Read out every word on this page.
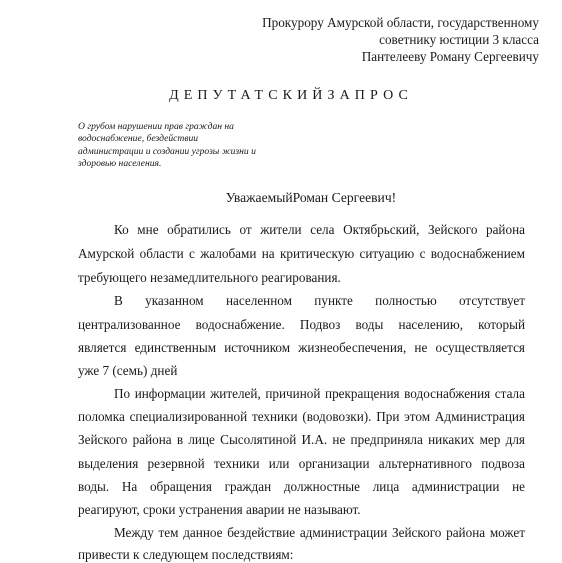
Прокурору Амурской области, государственному
советнику юстиции 3 класса
Пантелееву Роману Сергеевичу
ДЕПУТАТСКИЙЗАПРОС
О грубом нарушении прав граждан на
водоснабжение, бездействии
администрации и создании угрозы жизни и
здоровью населения.
УважаемыйРоман Сергеевич!
Ко мне обратились от жители села Октябрьский, Зейского района
Амурской области с жалобами на критическую ситуацию с водоснабжением
требующего незамедлительного реагирования.
В указанном населенном пункте полностью отсутствует
централизованное водоснабжение. Подвоз воды населению, который
является единственным источником жизнеобеспечения, не осуществляется
уже 7 (семь) дней
По информации жителей, причиной прекращения водоснабжения стала
поломка специализированной техники (водовозки). При этом Администрация
Зейского района в лице Сысолятиной И.А. не предприняла никаких мер для
выделения резервной техники или организации альтернативного подвоза
воды. На обращения граждан должностные лица администрации не
реагируют, сроки устранения аварии не называют.
Между тем данное бездействие администрации Зейского района может
привести к следующем последствиям:
